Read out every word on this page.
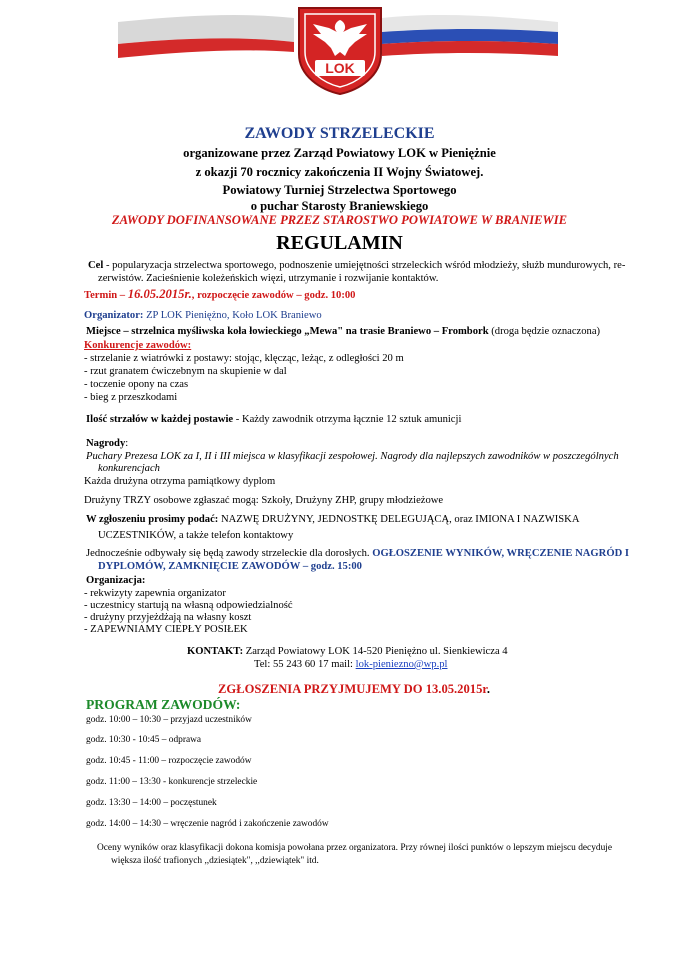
LOK
ZAWODY STRZELECKIE
organizowane przez Zarząd Powiatowy LOK w Pieniężnie
z okazji 70 rocznicy zakończenia II Wojny Światowej.
Powiatowy Turniej Strzelectwa Sportowego
o puchar Starosty Braniewskiego
ZAWODY DOFINANSOWANE PRZEZ STAROSTWO POWIATOWE W BRANIEWIE
REGULAMIN
Cel - popularyzacja strzelectwa sportowego, podnoszenie umiejętności strzeleckich wśród młodzieży, służb mundurowych, re-
zerwistów. Zacieśnienie koleżeńskich więzi, utrzymanie i rozwijanie kontaktów.
Termin – 16.05.2015r., rozpoczęcie zawodów – godz. 10:00
Organizator: ZP LOK Pieniężno, Koło LOK Braniewo
Miejsce – strzelnica myśliwska koła łowieckiego „Mewa" na trasie Braniewo – Frombork (droga będzie oznaczona)
Konkurencje zawodów:
- strzelanie z wiatrówki z postawy: stojąc, klęcząc, leżąc, z odległości 20 m
- rzut granatem ćwiczebnym na skupienie w dal
- toczenie opony na czas
- bieg z przeszkodami
Ilość strzałów w każdej postawie - Każdy zawodnik otrzyma łącznie 12 sztuk amunicji
Nagrody:
Puchary Prezesa LOK za I, II i III miejsca w klasyfikacji zespołowej. Nagrody dla najlepszych zawodników w poszczególnych
konkurencjach
Każda drużyna otrzyma pamiątkowy dyplom
Drużyny TRZY osobowe zgłaszać mogą: Szkoły, Drużyny ZHP, grupy młodzieżowe
W zgłoszeniu prosimy podać: NAZWĘ DRUŻYNY, JEDNOSTKĘ DELEGUJĄCĄ, oraz IMIONA I NAZWISKA
UCZESTNIKÓW, a także telefon kontaktowy
Jednocześnie odbywały się będą zawody strzeleckie dla dorosłych. OGŁOSZENIE WYNIKÓW, WRĘCZENIE NAGRÓD I
DYPLOMÓW, ZAMKNIĘCIE ZAWODÓW – godz. 15:00
Organizacja:
- rekwizyty zapewnia organizator
- uczestnicy startują na własną odpowiedzialność
- drużyny przyjeżdżają na własny koszt
- ZAPEWNIAMY CIEPŁY POSIŁEK
KONTAKT: Zarząd Powiatowy LOK 14-520 Pieniężno ul. Sienkiewicza 4
Tel: 55 243 60 17 mail: lok-pieniezno@wp.pl
ZGŁOSZENIA PRZYJMUJEMY DO 13.05.2015r.
PROGRAM ZAWODÓW:
godz. 10:00 – 10:30 – przyjazd uczestników
godz. 10:30 - 10:45 – odprawa
godz. 10:45 - 11:00 – rozpoczęcie zawodów
godz. 11:00 – 13:30 - konkurencje strzeleckie
godz. 13:30 – 14:00 – poczęstunek
godz. 14:00 – 14:30 – wręczenie nagród i zakończenie zawodów
Oceny wyników oraz klasyfikacji dokona komisja powołana przez organizatora. Przy równej ilości punktów o lepszym miejscu decyduje
większa ilość trafionych ,,dziesiątek", ,,dziewiątek" itd.
